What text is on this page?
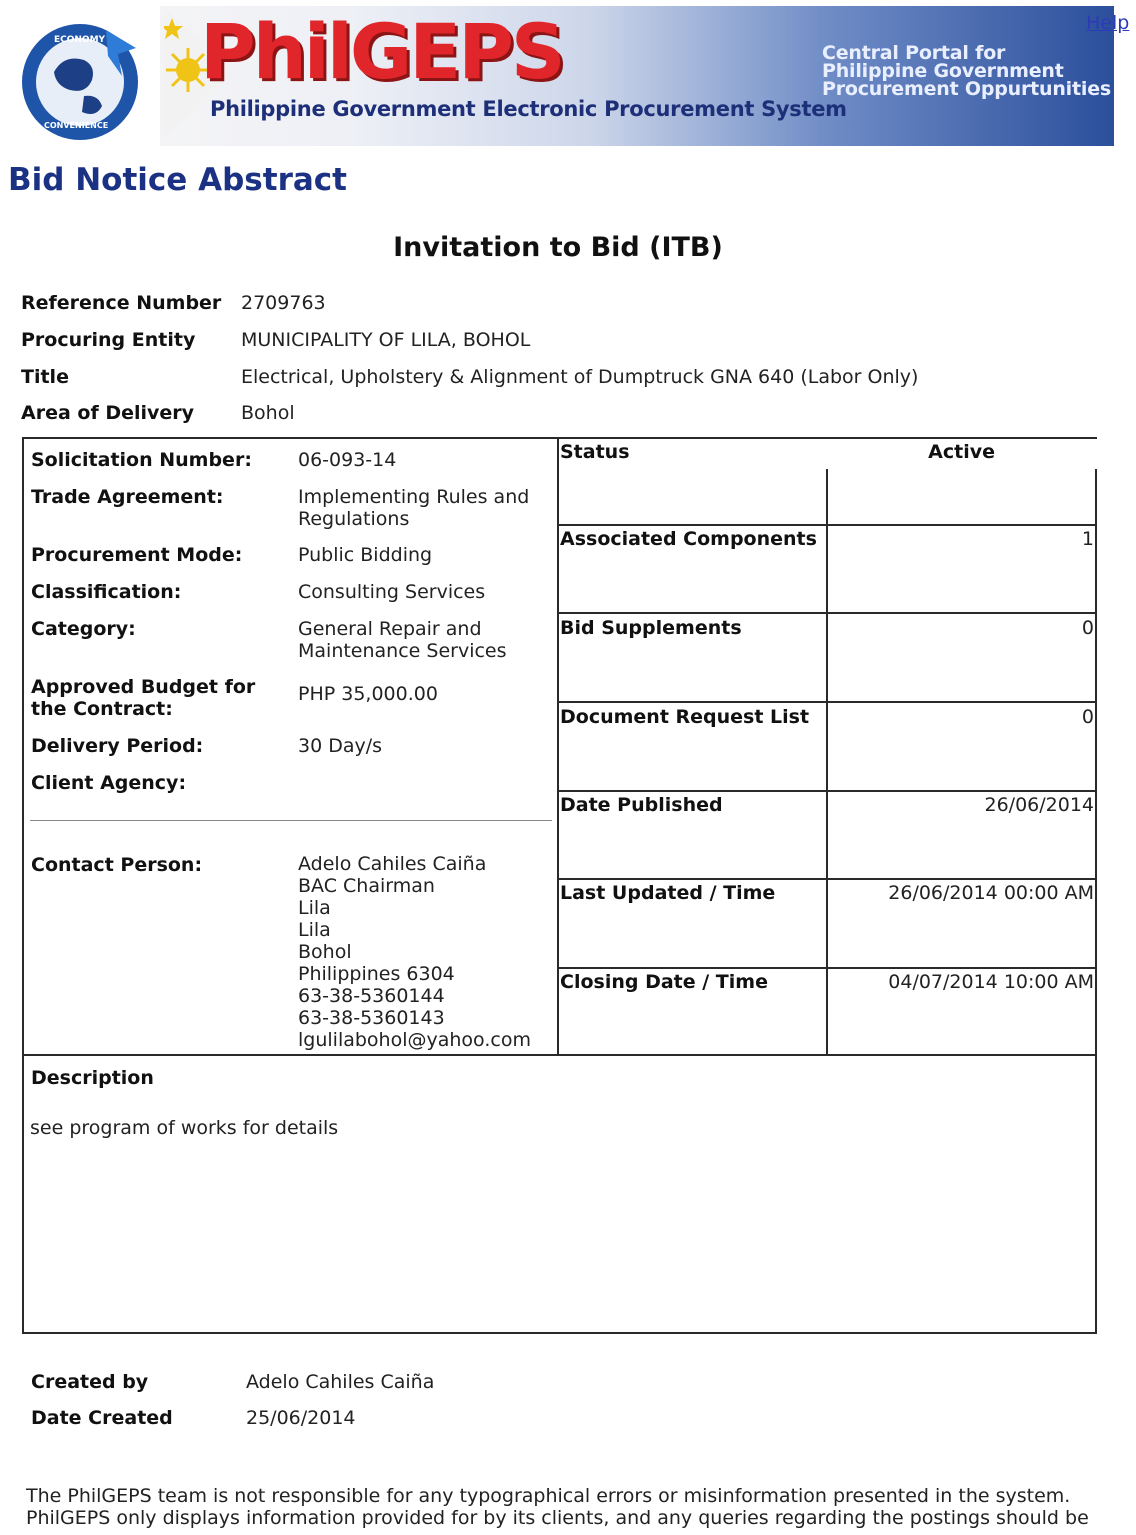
ECONOMY
CONVENIENCE
PhilGEPS
Philippine Government Electronic Procurement System
Central Portal for
Philippine Government
Procurement Oppurtunities
Help
Bid Notice Abstract
Invitation to Bid (ITB)
Reference Number 2709763
Procuring Entity MUNICIPALITY OF LILA, BOHOL
Title	Electrical, Upholstery & Alignment of Dumptruck GNA 640 (Labor Only)
Area of Delivery Bohol
Solicitation Number: 06-093-14
Trade Agreement:	Implementing Rules and Regulations
Procurement Mode:	Public Bidding
Classification:	Consulting Services
Category:	General Repair and Maintenance Services
Approved Budget for the Contract:
PHP 35,000.00
Delivery Period:	30 Day/s
Client Agency:
Contact Person:	Adelo Cahiles Caiña
BAC Chairman
Lila
Lila
Bohol
Philippines 6304
63-38-5360144
63-38-5360143
lgulilabohol@yahoo.com
Status	Active
Associated Components	1
Bid Supplements	0
Document Request List	0
Date Published	26/06/2014
Last Updated / Time	26/06/2014 00:00 AM
Closing Date / Time	04/07/2014 10:00 AM
Description
see program of works for details
Created by	Adelo Cahiles Caiña
Date Created	25/06/2014
The PhilGEPS team is not responsible for any typographical errors or misinformation presented in the system.
PhilGEPS only displays information provided for by its clients, and any queries regarding the postings should be
